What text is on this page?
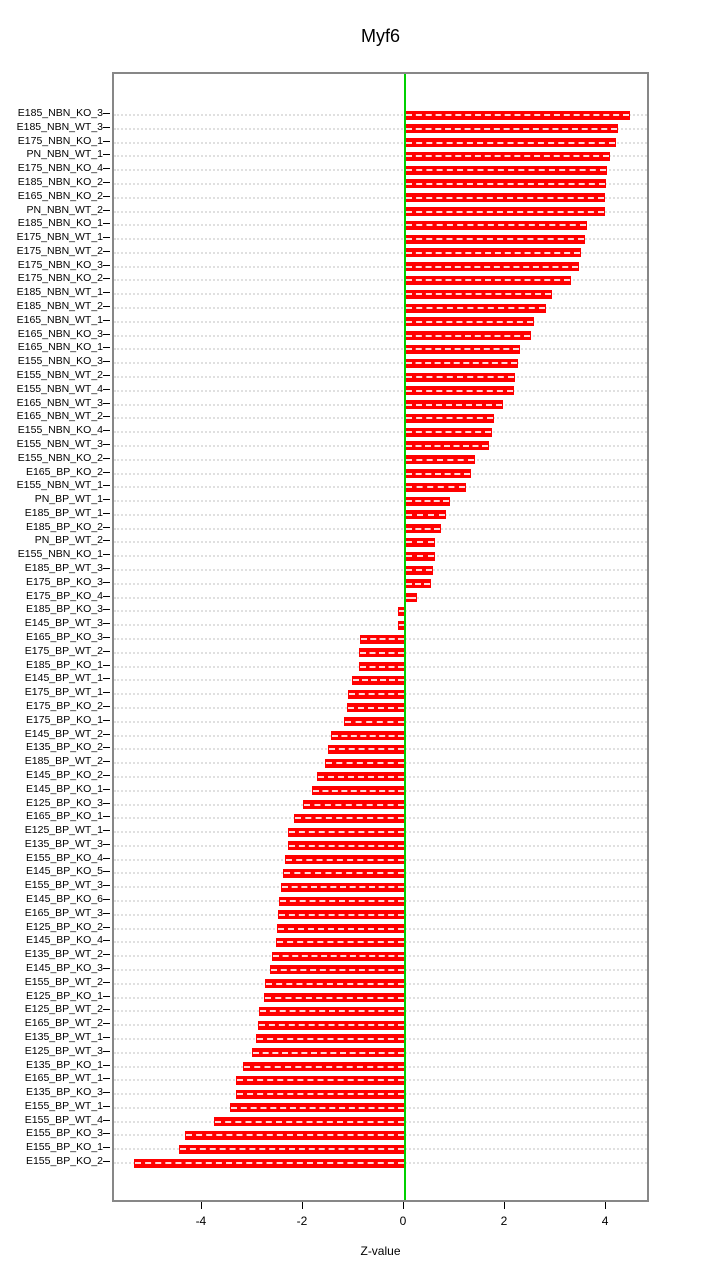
Myf6
E185_NBN_KO_3
E185_NBN_WT_3
E175_NBN_KO_1
PN_NBN_WT_1
E175_NBN_KO_4
E185_NBN_KO_2
E165_NBN_KO_2
PN_NBN_WT_2
E185_NBN_KO_1
E175_NBN_WT_1
E175_NBN_WT_2
E175_NBN_KO_3
E175_NBN_KO_2
E185_NBN_WT_1
E185_NBN_WT_2
E165_NBN_WT_1
E165_NBN_KO_3
E165_NBN_KO_1
E155_NBN_KO_3
E155_NBN_WT_2
E155_NBN_WT_4
E165_NBN_WT_3
E165_NBN_WT_2
E155_NBN_KO_4
E155_NBN_WT_3
E155_NBN_KO_2
E165_BP_KO_2
E155_NBN_WT_1
PN_BP_WT_1
E185_BP_WT_1
E185_BP_KO_2
PN_BP_WT_2
E155_NBN_KO_1
E185_BP_WT_3
E175_BP_KO_3
E175_BP_KO_4
E185_BP_KO_3
E145_BP_WT_3
E165_BP_KO_3
E175_BP_WT_2
E185_BP_KO_1
E145_BP_WT_1
E175_BP_WT_1
E175_BP_KO_2
E175_BP_KO_1
E145_BP_WT_2
E135_BP_KO_2
E185_BP_WT_2
E145_BP_KO_2
E145_BP_KO_1
E125_BP_KO_3
E165_BP_KO_1
E125_BP_WT_1
E135_BP_WT_3
E155_BP_KO_4
E145_BP_KO_5
E155_BP_WT_3
E145_BP_KO_6
E165_BP_WT_3
E125_BP_KO_2
E145_BP_KO_4
E135_BP_WT_2
E145_BP_KO_3
E155_BP_WT_2
E125_BP_KO_1
E125_BP_WT_2
E165_BP_WT_2
E135_BP_WT_1
E125_BP_WT_3
E135_BP_KO_1
E165_BP_WT_1
E135_BP_KO_3
E155_BP_WT_1
E155_BP_WT_4
E155_BP_KO_3
E155_BP_KO_1
E155_BP_KO_2
-4	-2	0	2	4
Z-value
